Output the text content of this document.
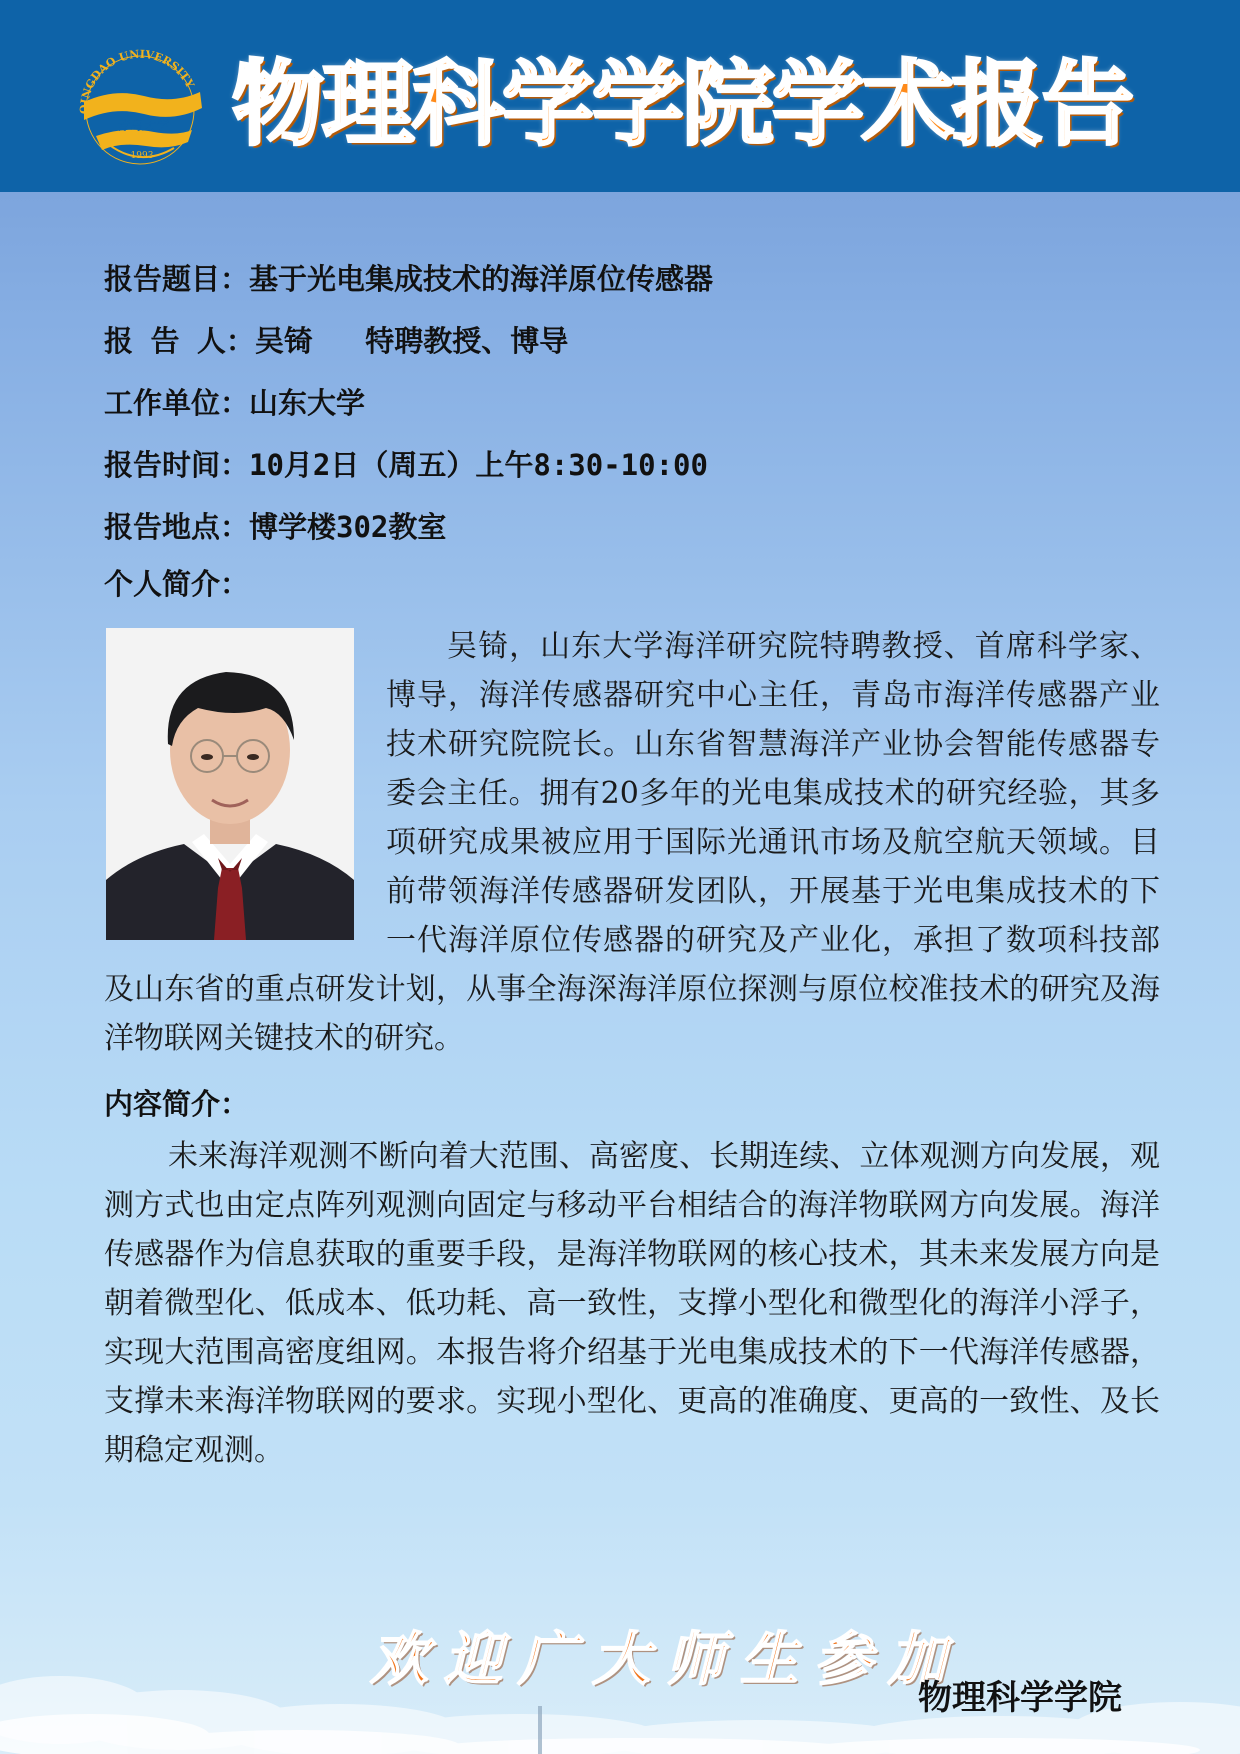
QINGDAO UNIVERSITY
青岛大学
1993 物理科学学院学术报告
报告题目：基于光电集成技术的海洋原位传感器
报 告 人：吴锜   特聘教授、博导
工作单位：山东大学
报告时间：10月2日（周五）上午8:30-10:00
报告地点：博学楼302教室
个人简介：
吴锜，山东大学海洋研究院特聘教授、首席科学家、博导，海洋传感器研究中心主任，青岛市海洋传感器产业技术研究院院长。山东省智慧海洋产业协会智能传感器专委会主任。拥有20多年的光电集成技术的研究经验，其多项研究成果被应用于国际光通讯市场及航空航天领域。目前带领海洋传感器研发团队，开展基于光电集成技术的下一代海洋原位传感器的研究及产业化，承担了数项科技部及山东省的重点研发计划，从事全海深海洋原位探测与原位校准技术的研究及海洋物联网关键技术的研究。
内容简介：
未来海洋观测不断向着大范围、高密度、长期连续、立体观测方向发展，观测方式也由定点阵列观测向固定与移动平台相结合的海洋物联网方向发展。海洋传感器作为信息获取的重要手段，是海洋物联网的核心技术，其未来发展方向是朝着微型化、低成本、低功耗、高一致性，支撑小型化和微型化的海洋小浮子，实现大范围高密度组网。本报告将介绍基于光电集成技术的下一代海洋传感器，支撑未来海洋物联网的要求。实现小型化、更高的准确度、更高的一致性、及长期稳定观测。
欢迎广大师生参加
物理科学学院
